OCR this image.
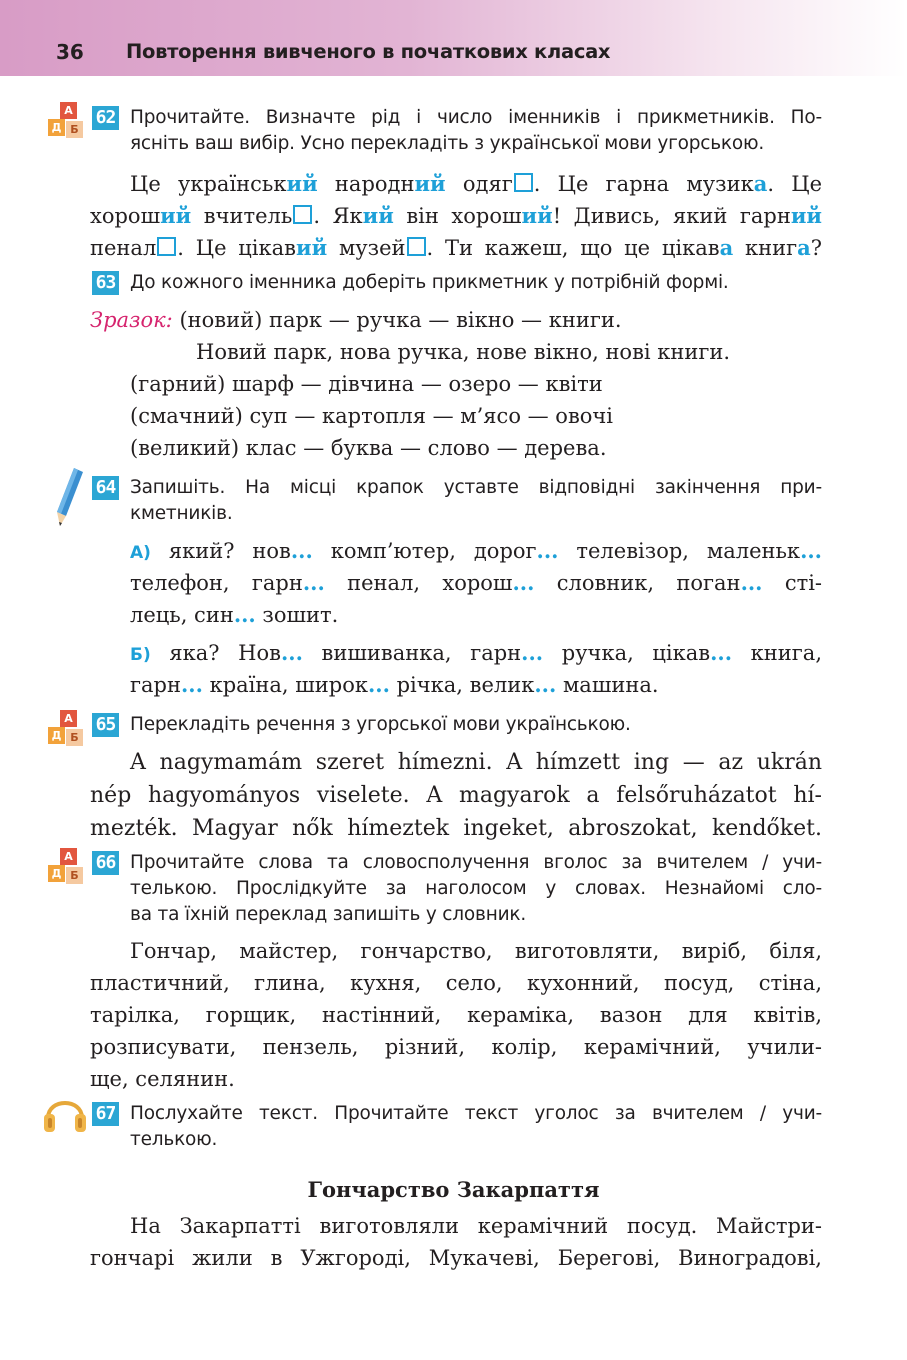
36 Повторення вивченого в початкових класах
А
Д Б
62 Прочитайте. Визначте рід і число іменників і прикметників. По-
ясніть ваш вибір. Усно перекладіть з української мови угорською.
Це український народний одяг . Це гарна музика. Це
хороший вчитель . Який він хороший! Дивись, який гарний
пенал . Це цікавий музей . Ти кажеш, що це цікава книга?
63 До кожного іменника доберіть прикметник у потрібній формі.
Зразок: (новий) парк — ручка — вікно — книги.
Новий парк, нова ручка, нове вікно, нові книги.
(гарний) шарф — дівчина — озеро — квіти
(смачний) суп — картопля — м’ясо — овочі
(великий) клас — буква — слово — дерева.
64 Запишіть. На місці крапок уставте відповідні закінчення при-
кметників.
А) який? нов... комп’ютер, дорог... телевізор, маленьк...
телефон, гарн... пенал, хорош... словник, поган... сті-
лець, син... зошит.
Б) яка? Нов... вишиванка, гарн... ручка, цікав... книга,
гарн... країна, широк... річка, велик... машина.
А
Д Б
65 Перекладіть речення з угорської мови українською.
A nagymamám szeret hímezni. A hímzett ing — az ukrán
nép hagyományos viselete. A magyarok a felsőruházatot hí-
mezték. Magyar nők hímeztek ingeket, abroszokat, kendőket.
А
Д Б
66 Прочитайте слова та словосполучення вголос за вчителем / учи-
телькою. Прослідкуйте за наголосом у словах. Незнайомі сло-
ва та їхній переклад запишіть у словник.
Гончар, майстер, гончарство, виготовляти, виріб, біля,
пластичний, глина, кухня, село, кухонний, посуд, стіна,
тарілка, горщик, настінний, кераміка, вазон для квітів,
розписувати, пензель, різний, колір, керамічний, учили-
ще, селянин.
67 Послухайте текст. Прочитайте текст уголос за вчителем / учи-
телькою.
Гончарство Закарпаття
На Закарпатті виготовляли керамічний посуд. Майстри-
гончарі жили в Ужгороді, Мукачеві, Берегові, Виноградові,
